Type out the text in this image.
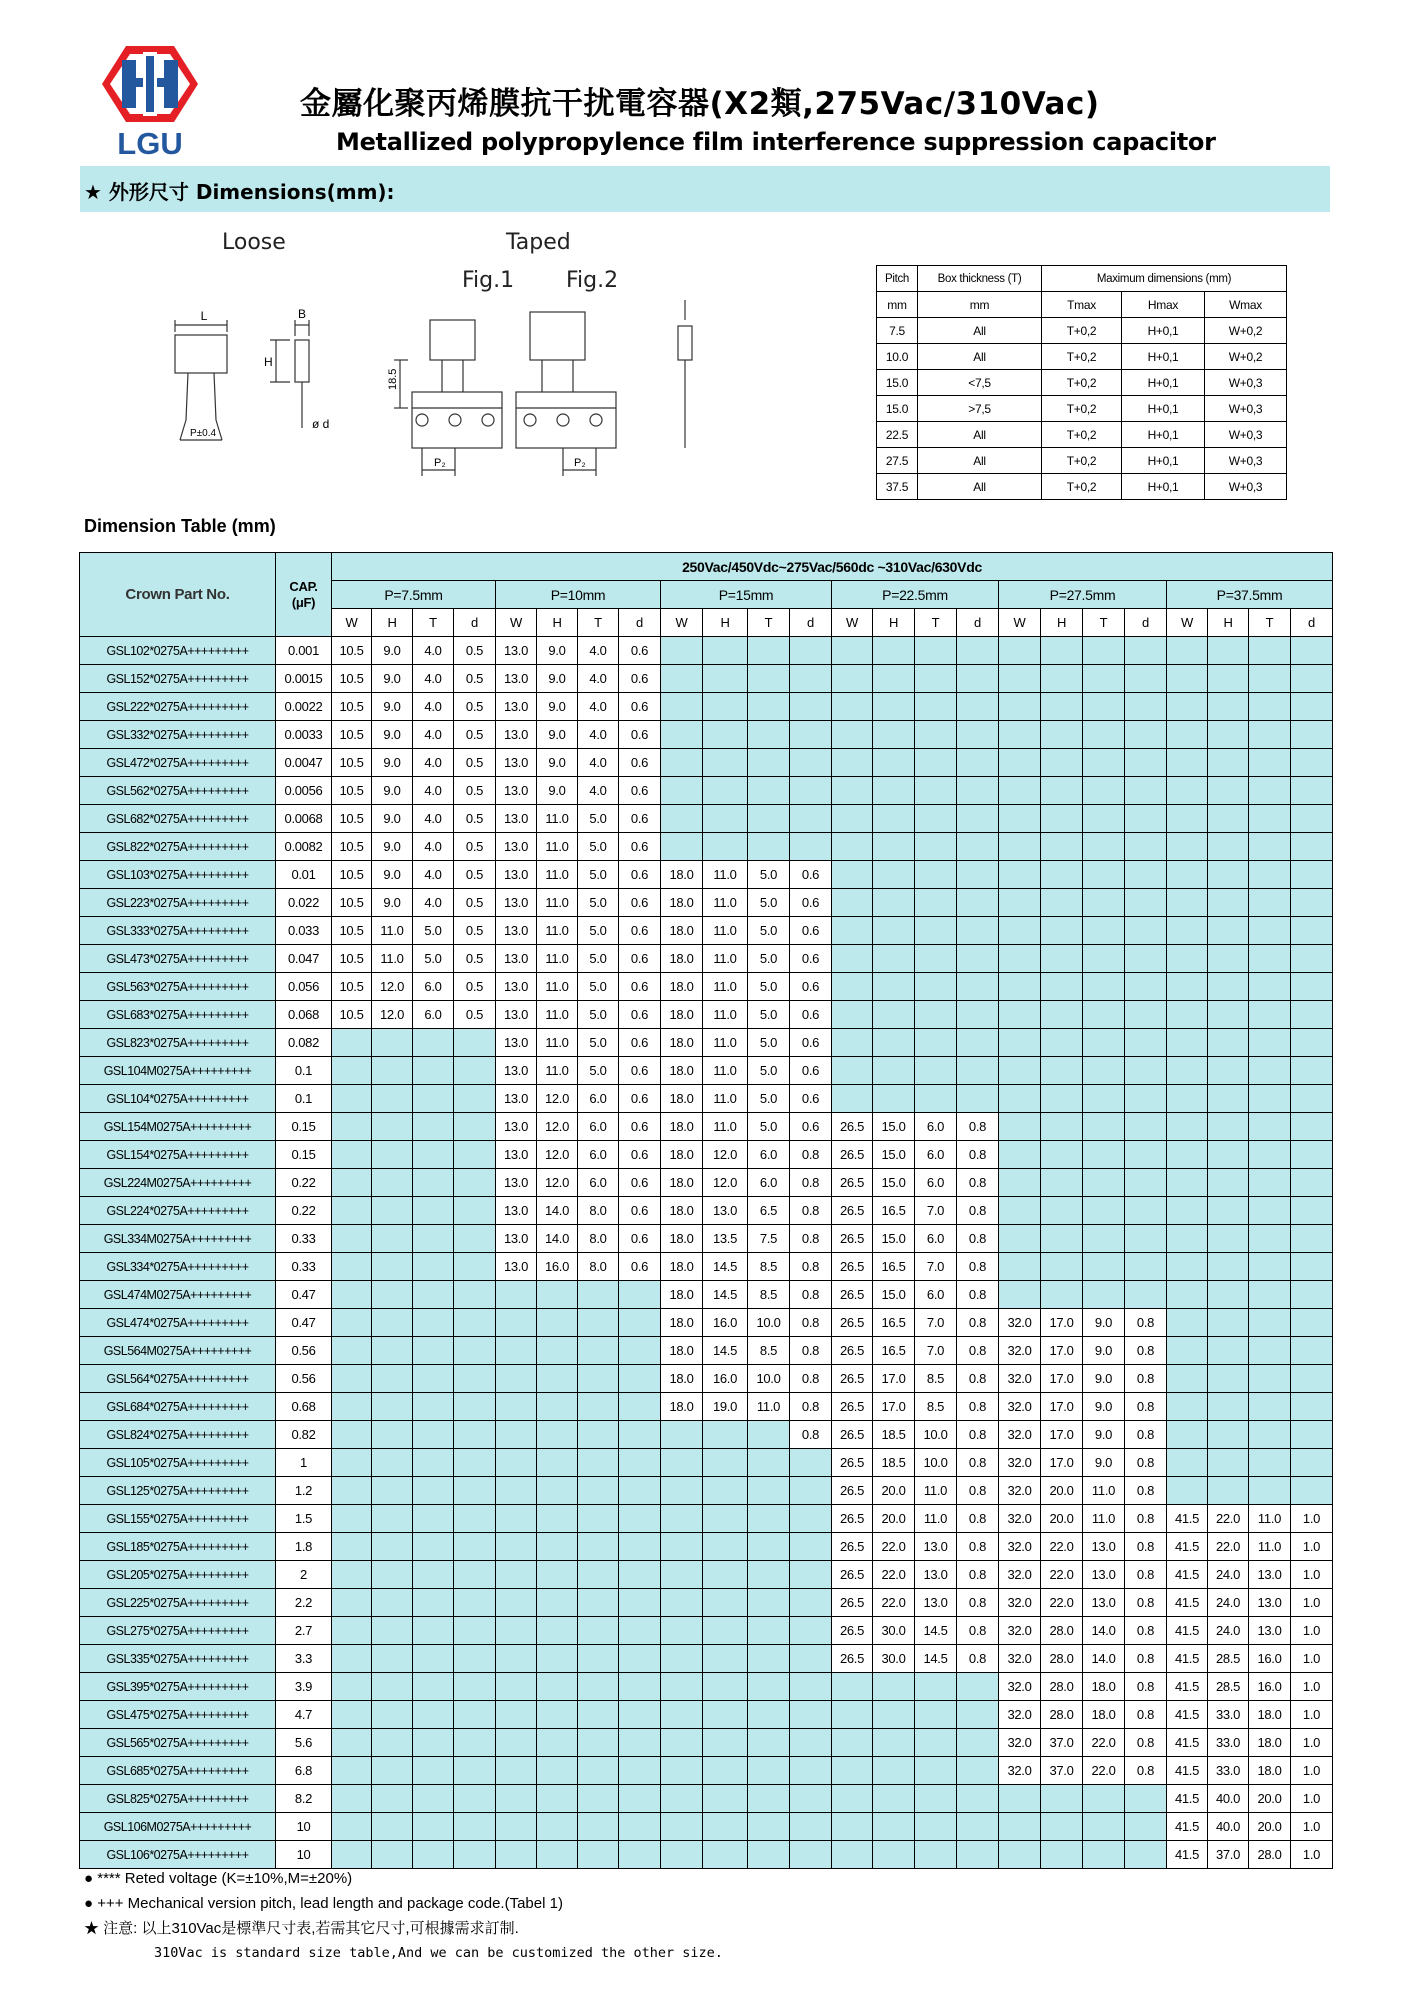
LGU
金屬化聚丙烯膜抗干扰電容器(X2類,275Vac/310Vac)
Metallized polypropylence film interference suppression capacitor
★ 外形尺寸 Dimensions(mm):
Loose	Taped
Fig.1 Fig.2
L	B
H
P±0.4
ø d
18.5
P₂	P₂
Pitch	Box thickness (T)	Maximum dimensions (mm)		
mm	mm	Tmax	Hmax	Wmax
7.5	All	T+0,2	H+0,1	W+0,2
10.0	All	T+0,2	H+0,1	W+0,2
15.0	<7,5	T+0,2	H+0,1	W+0,3
15.0	>7,5	T+0,2	H+0,1	W+0,3
22.5	All	T+0,2	H+0,1	W+0,3
27.5	All	T+0,2	H+0,1	W+0,3
37.5	All	T+0,2	H+0,1	W+0,3
Dimension Table (mm)
Crown Part No.	CAP.
(μF)	250Vac/450Vdc~275Vac/560dc ~310Vac/630Vdc																							
		P=7.5mm				P=10mm				P=15mm				P=22.5mm				P=27.5mm				P=37.5mm			
		W	H	T	d	W	H	T	d	W	H	T	d	W	H	T	d	W	H	T	d	W	H	T	d
GSL102*0275A+++++++++	0.001	10.5	9.0	4.0	0.5	13.0	9.0	4.0	0.6																
GSL152*0275A+++++++++	0.0015	10.5	9.0	4.0	0.5	13.0	9.0	4.0	0.6																
GSL222*0275A+++++++++	0.0022	10.5	9.0	4.0	0.5	13.0	9.0	4.0	0.6																
GSL332*0275A+++++++++	0.0033	10.5	9.0	4.0	0.5	13.0	9.0	4.0	0.6																
GSL472*0275A+++++++++	0.0047	10.5	9.0	4.0	0.5	13.0	9.0	4.0	0.6																
GSL562*0275A+++++++++	0.0056	10.5	9.0	4.0	0.5	13.0	9.0	4.0	0.6																
GSL682*0275A+++++++++	0.0068	10.5	9.0	4.0	0.5	13.0	11.0	5.0	0.6																
GSL822*0275A+++++++++	0.0082	10.5	9.0	4.0	0.5	13.0	11.0	5.0	0.6																
GSL103*0275A+++++++++	0.01	10.5	9.0	4.0	0.5	13.0	11.0	5.0	0.6	18.0	11.0	5.0	0.6												
GSL223*0275A+++++++++	0.022	10.5	9.0	4.0	0.5	13.0	11.0	5.0	0.6	18.0	11.0	5.0	0.6												
GSL333*0275A+++++++++	0.033	10.5	11.0	5.0	0.5	13.0	11.0	5.0	0.6	18.0	11.0	5.0	0.6												
GSL473*0275A+++++++++	0.047	10.5	11.0	5.0	0.5	13.0	11.0	5.0	0.6	18.0	11.0	5.0	0.6												
GSL563*0275A+++++++++	0.056	10.5	12.0	6.0	0.5	13.0	11.0	5.0	0.6	18.0	11.0	5.0	0.6												
GSL683*0275A+++++++++	0.068	10.5	12.0	6.0	0.5	13.0	11.0	5.0	0.6	18.0	11.0	5.0	0.6												
GSL823*0275A+++++++++	0.082					13.0	11.0	5.0	0.6	18.0	11.0	5.0	0.6												
GSL104M0275A+++++++++	0.1					13.0	11.0	5.0	0.6	18.0	11.0	5.0	0.6												
GSL104*0275A+++++++++	0.1					13.0	12.0	6.0	0.6	18.0	11.0	5.0	0.6												
GSL154M0275A+++++++++	0.15					13.0	12.0	6.0	0.6	18.0	11.0	5.0	0.6	26.5	15.0	6.0	0.8								
GSL154*0275A+++++++++	0.15					13.0	12.0	6.0	0.6	18.0	12.0	6.0	0.8	26.5	15.0	6.0	0.8								
GSL224M0275A+++++++++	0.22					13.0	12.0	6.0	0.6	18.0	12.0	6.0	0.8	26.5	15.0	6.0	0.8								
GSL224*0275A+++++++++	0.22					13.0	14.0	8.0	0.6	18.0	13.0	6.5	0.8	26.5	16.5	7.0	0.8								
GSL334M0275A+++++++++	0.33					13.0	14.0	8.0	0.6	18.0	13.5	7.5	0.8	26.5	15.0	6.0	0.8								
GSL334*0275A+++++++++	0.33					13.0	16.0	8.0	0.6	18.0	14.5	8.5	0.8	26.5	16.5	7.0	0.8								
GSL474M0275A+++++++++	0.47									18.0	14.5	8.5	0.8	26.5	15.0	6.0	0.8								
GSL474*0275A+++++++++	0.47									18.0	16.0	10.0	0.8	26.5	16.5	7.0	0.8	32.0	17.0	9.0	0.8				
GSL564M0275A+++++++++	0.56									18.0	14.5	8.5	0.8	26.5	16.5	7.0	0.8	32.0	17.0	9.0	0.8				
GSL564*0275A+++++++++	0.56									18.0	16.0	10.0	0.8	26.5	17.0	8.5	0.8	32.0	17.0	9.0	0.8				
GSL684*0275A+++++++++	0.68									18.0	19.0	11.0	0.8	26.5	17.0	8.5	0.8	32.0	17.0	9.0	0.8				
GSL824*0275A+++++++++	0.82												0.8	26.5	18.5	10.0	0.8	32.0	17.0	9.0	0.8				
GSL105*0275A+++++++++	1													26.5	18.5	10.0	0.8	32.0	17.0	9.0	0.8				
GSL125*0275A+++++++++	1.2													26.5	20.0	11.0	0.8	32.0	20.0	11.0	0.8				
GSL155*0275A+++++++++	1.5													26.5	20.0	11.0	0.8	32.0	20.0	11.0	0.8	41.5	22.0	11.0	1.0
GSL185*0275A+++++++++	1.8													26.5	22.0	13.0	0.8	32.0	22.0	13.0	0.8	41.5	22.0	11.0	1.0
GSL205*0275A+++++++++	2													26.5	22.0	13.0	0.8	32.0	22.0	13.0	0.8	41.5	24.0	13.0	1.0
GSL225*0275A+++++++++	2.2													26.5	22.0	13.0	0.8	32.0	22.0	13.0	0.8	41.5	24.0	13.0	1.0
GSL275*0275A+++++++++	2.7													26.5	30.0	14.5	0.8	32.0	28.0	14.0	0.8	41.5	24.0	13.0	1.0
GSL335*0275A+++++++++	3.3													26.5	30.0	14.5	0.8	32.0	28.0	14.0	0.8	41.5	28.5	16.0	1.0
GSL395*0275A+++++++++	3.9																	32.0	28.0	18.0	0.8	41.5	28.5	16.0	1.0
GSL475*0275A+++++++++	4.7																	32.0	28.0	18.0	0.8	41.5	33.0	18.0	1.0
GSL565*0275A+++++++++	5.6																	32.0	37.0	22.0	0.8	41.5	33.0	18.0	1.0
GSL685*0275A+++++++++	6.8																	32.0	37.0	22.0	0.8	41.5	33.0	18.0	1.0
GSL825*0275A+++++++++	8.2																					41.5	40.0	20.0	1.0
GSL106M0275A+++++++++	10																					41.5	40.0	20.0	1.0
GSL106*0275A+++++++++	10																					41.5	37.0	28.0	1.0
● **** Reted voltage (K=±10%,M=±20%)
● +++ Mechanical version pitch, lead length and package code.(Tabel 1)
★ 注意: 以上310Vac是標準尺寸表,若需其它尺寸,可根據需求訂制.
310Vac is standard size table,And we can be customized the other size.
